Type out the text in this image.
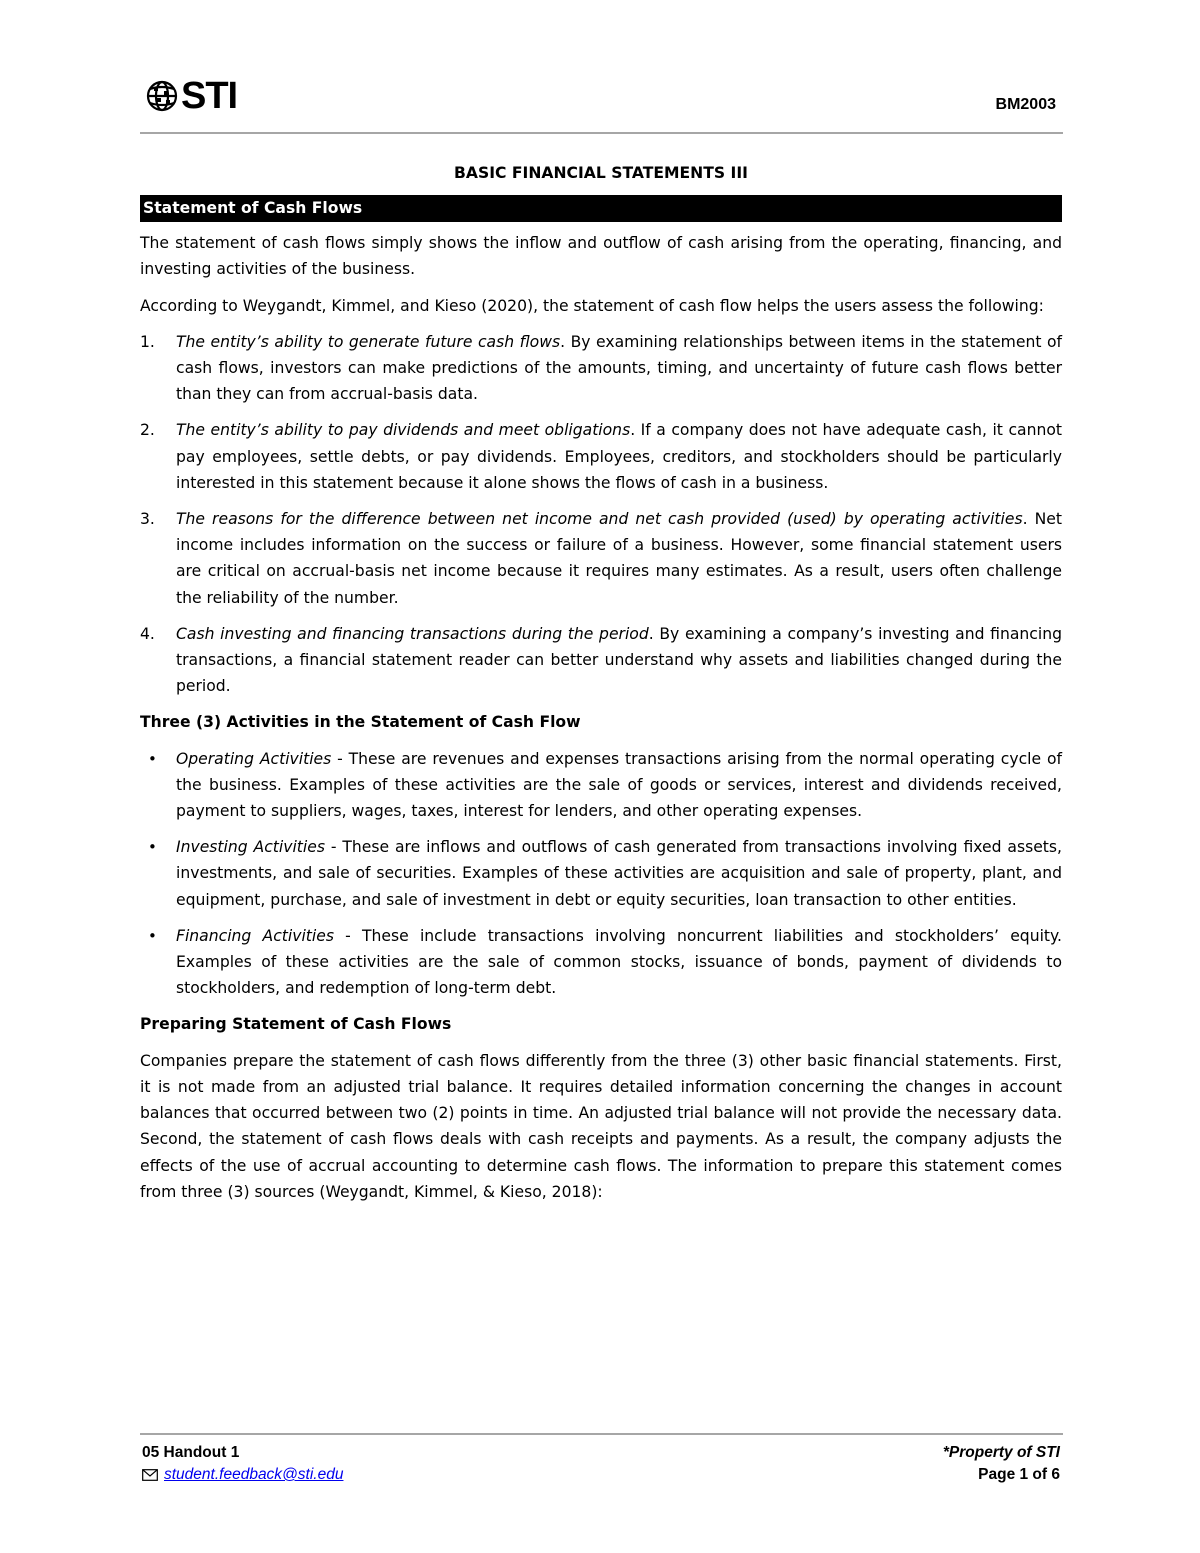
STI	BM2003
BASIC FINANCIAL STATEMENTS III
Statement of Cash Flows

The statement of cash flows simply shows the inflow and outflow of cash arising from the operating, financing, and investing activities of the business.

According to Weygandt, Kimmel, and Kieso (2020), the statement of cash flow helps the users assess the following:

1. The entity’s ability to generate future cash flows. By examining relationships between items in the statement of cash flows, investors can make predictions of the amounts, timing, and uncertainty of future cash flows better than they can from accrual-basis data.
2. The entity’s ability to pay dividends and meet obligations. If a company does not have adequate cash, it cannot pay employees, settle debts, or pay dividends. Employees, creditors, and stockholders should be particularly interested in this statement because it alone shows the flows of cash in a business.
3. The reasons for the difference between net income and net cash provided (used) by operating activities. Net income includes information on the success or failure of a business. However, some financial statement users are critical on accrual-basis net income because it requires many estimates. As a result, users often challenge the reliability of the number.
4. Cash investing and financing transactions during the period. By examining a company’s investing and financing transactions, a financial statement reader can better understand why assets and liabilities changed during the period.
Three (3) Activities in the Statement of Cash Flow
• Operating Activities - These are revenues and expenses transactions arising from the normal operating cycle of the business. Examples of these activities are the sale of goods or services, interest and dividends received, payment to suppliers, wages, taxes, interest for lenders, and other operating expenses.
• Investing Activities - These are inflows and outflows of cash generated from transactions involving fixed assets, investments, and sale of securities. Examples of these activities are acquisition and sale of property, plant, and equipment, purchase, and sale of investment in debt or equity securities, loan transaction to other entities.
• Financing Activities - These include transactions involving noncurrent liabilities and stockholders’ equity. Examples of these activities are the sale of common stocks, issuance of bonds, payment of dividends to stockholders, and redemption of long-term debt.
Preparing Statement of Cash Flows

Companies prepare the statement of cash flows differently from the three (3) other basic financial statements. First, it is not made from an adjusted trial balance. It requires detailed information concerning the changes in account balances that occurred between two (2) points in time. An adjusted trial balance will not provide the necessary data. Second, the statement of cash flows deals with cash receipts and payments. As a result, the company adjusts the effects of the use of accrual accounting to determine cash flows. The information to prepare this statement comes from three (3) sources (Weygandt, Kimmel, & Kieso, 2018):

05 Handout 1
student.feedback@sti.edu
*Property of STI
Page 1 of 6
